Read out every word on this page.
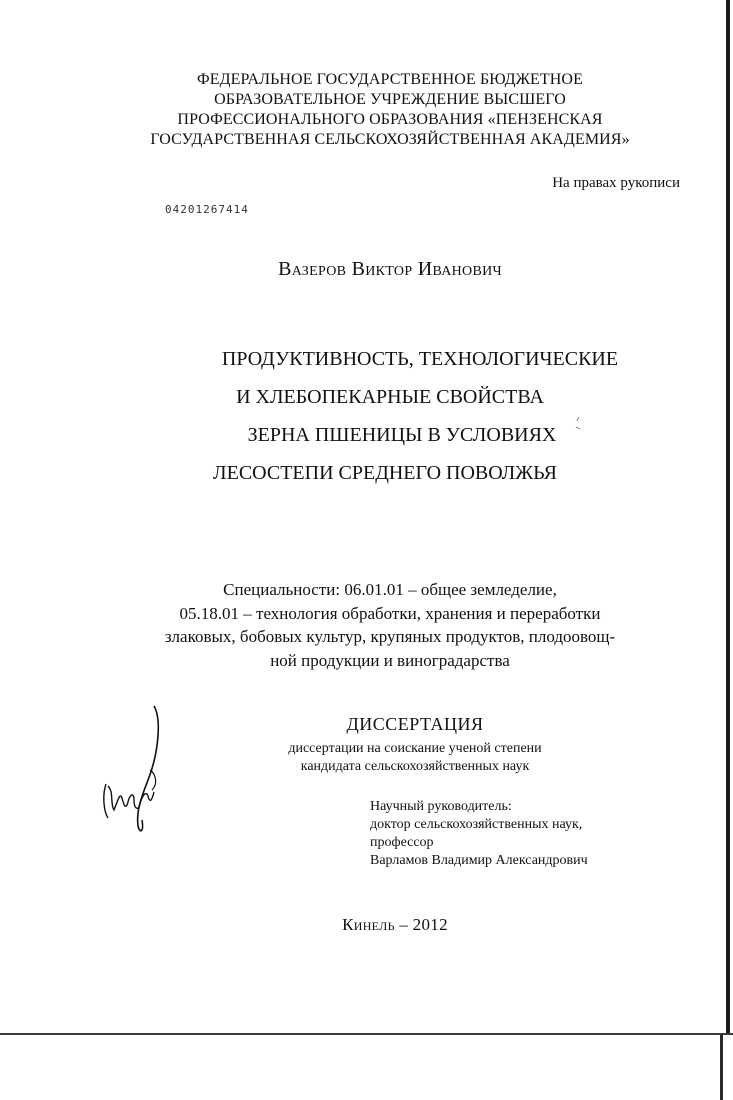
ФЕДЕРАЛЬНОЕ ГОСУДАРСТВЕННОЕ БЮДЖЕТНОЕ
ОБРАЗОВАТЕЛЬНОЕ УЧРЕЖДЕНИЕ ВЫСШЕГО
ПРОФЕССИОНАЛЬНОГО ОБРАЗОВАНИЯ «ПЕНЗЕНСКАЯ
ГОСУДАРСТВЕННАЯ СЕЛЬСКОХОЗЯЙСТВЕННАЯ АКАДЕМИЯ»
На правах рукописи
04201267414
Вазеров Виктор Иванович
ПРОДУКТИВНОСТЬ, ТЕХНОЛОГИЧЕСКИЕ
И ХЛЕБОПЕКАРНЫЕ СВОЙСТВА
ЗЕРНА ПШЕНИЦЫ В УСЛОВИЯХ
ЛЕСОСТЕПИ СРЕДНЕГО ПОВОЛЖЬЯ
Специальности: 06.01.01 – общее земледелие,
05.18.01 – технология обработки, хранения и переработки
злаковых, бобовых культур, крупяных продуктов, плодоовощ-
ной продукции и виноградарства
ДИССЕРТАЦИЯ
диссертации на соискание ученой степени
кандидата сельскохозяйственных наук
Научный руководитель:
доктор сельскохозяйственных наук,
профессор
Варламов Владимир Александрович
Кинель – 2012
